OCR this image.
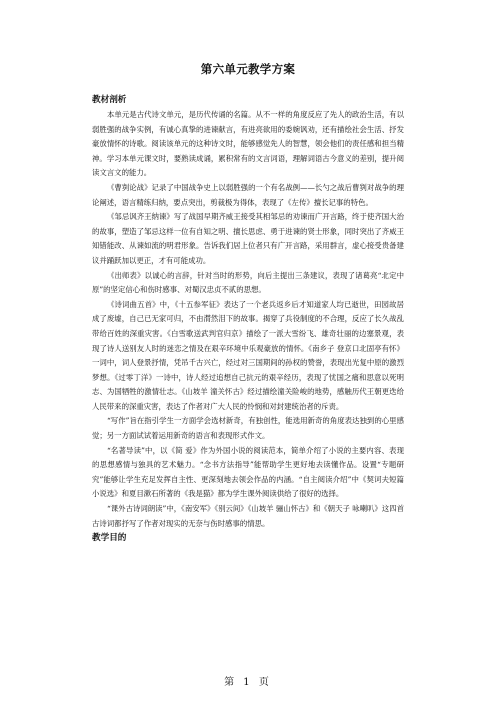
第六单元教学方案
教材剖析

本单元是古代诗文单元，是历代传诵的名篇。从不一样的角度反应了先人的政治生活，有以弱胜强的战争实例，有诚心真挚的进谏献言，有进亮欲用的委婉讽劝，还有描绘社会生活、抒发豪放情怀的诗歌。阅读该单元的这种诗文时，能够感觉先人的智慧，领会他们的责任感和担当精神。学习本单元课文时，要熟读成诵，累积常有的文言词语，理解词语古今意义的差别，提升阅读文言文的能力。

《曹刿论战》记录了中国战争史上以弱胜强的一个有名战例——长勺之战后曹刿对战争的理论阐述，语言精练归纳，要点突出，剪裁极为得体，表现了《左传》擅长记事的特色。

《邹忌讽齐王纳谏》写了战国早期齐威王接受其相邹忌的劝谏而广开言路，终于使齐国大治的故事，塑造了邹忌这样一位有自知之明、擅长思虑、勇于进谏的贤士形象，同时突出了齐威王知错能改、从谏如流的明君形象。告诉我们居上位者只有广开言路，采用群言，虚心接受贵备建议并踊跃加以更正，才有可能成功。

《出师表》以诚心的言辞，针对当时的形势，向后主提出三条建议，表现了诸葛亮“北定中原”的坚定信心和伤时感事、对蜀汉忠贞不贰的思想。

《诗词曲五首》中，《十五参军征》表达了一个老兵返乡后才知道家人均已逝世，田园故居成了废墟，自己已无家可归，不由潸然泪下的故事。揭穿了兵役制度的不合理，反应了长久战乱带给百姓的深重灾害。《白雪歌送武判官归京》描绘了一派大雪纷飞、雄奇壮丽的边塞景观，表现了诗人送别友人时的迷恋之情及在艰辛环境中乐观豪放的情怀。《南乡子 登京口北固亭有怀》一词中，词人登景抒情，凭吊千古兴亡，经过对三国期间的孙权的赞誉，表现出光复中原的激烈梦想。《过零丁洋》一诗中，诗人经过追想自己抗元的艰辛经历，表现了忧国之痛和思意以死明志、为国牺牲的激情壮志。《山坡羊 潼关怀古》经过描绘潼关险峻的地势，感触历代王朝更迭给人民带来的深重灾害，表达了作者对广大人民的怜悯和对封建统治者的斥责。

“写作”旨在指引学生一方面学会选材新奇，有独创性，能选用新奇的角度表达独到的心里感觉；另一方面试试着运用新奇的语言和表现形式作文。

“名著导读”中，以《简 爱》作为外国小说的阅读范本，简单介绍了小说的主要内容、表现的思想感情与独具的艺术魅力。“念书方法指导”能帮助学生更好地去读懂作品。设置“专题研究”能够让学生充足发挥自主性、更深刻地去领会作品的内涵。“自主阅读介绍”中《契诃夫短篇小说选》和夏目漱石所著的《我是猫》都为学生课外阅读供给了很好的选择。

“课外古诗词朗读”中，《南安军》《别云间》《山坡羊 骊山怀古》和《朝天子 咏喇叭》这四首古诗词都抒写了作者对现实的无奈与伤时感事的情思。

教学目的
第 1 页
